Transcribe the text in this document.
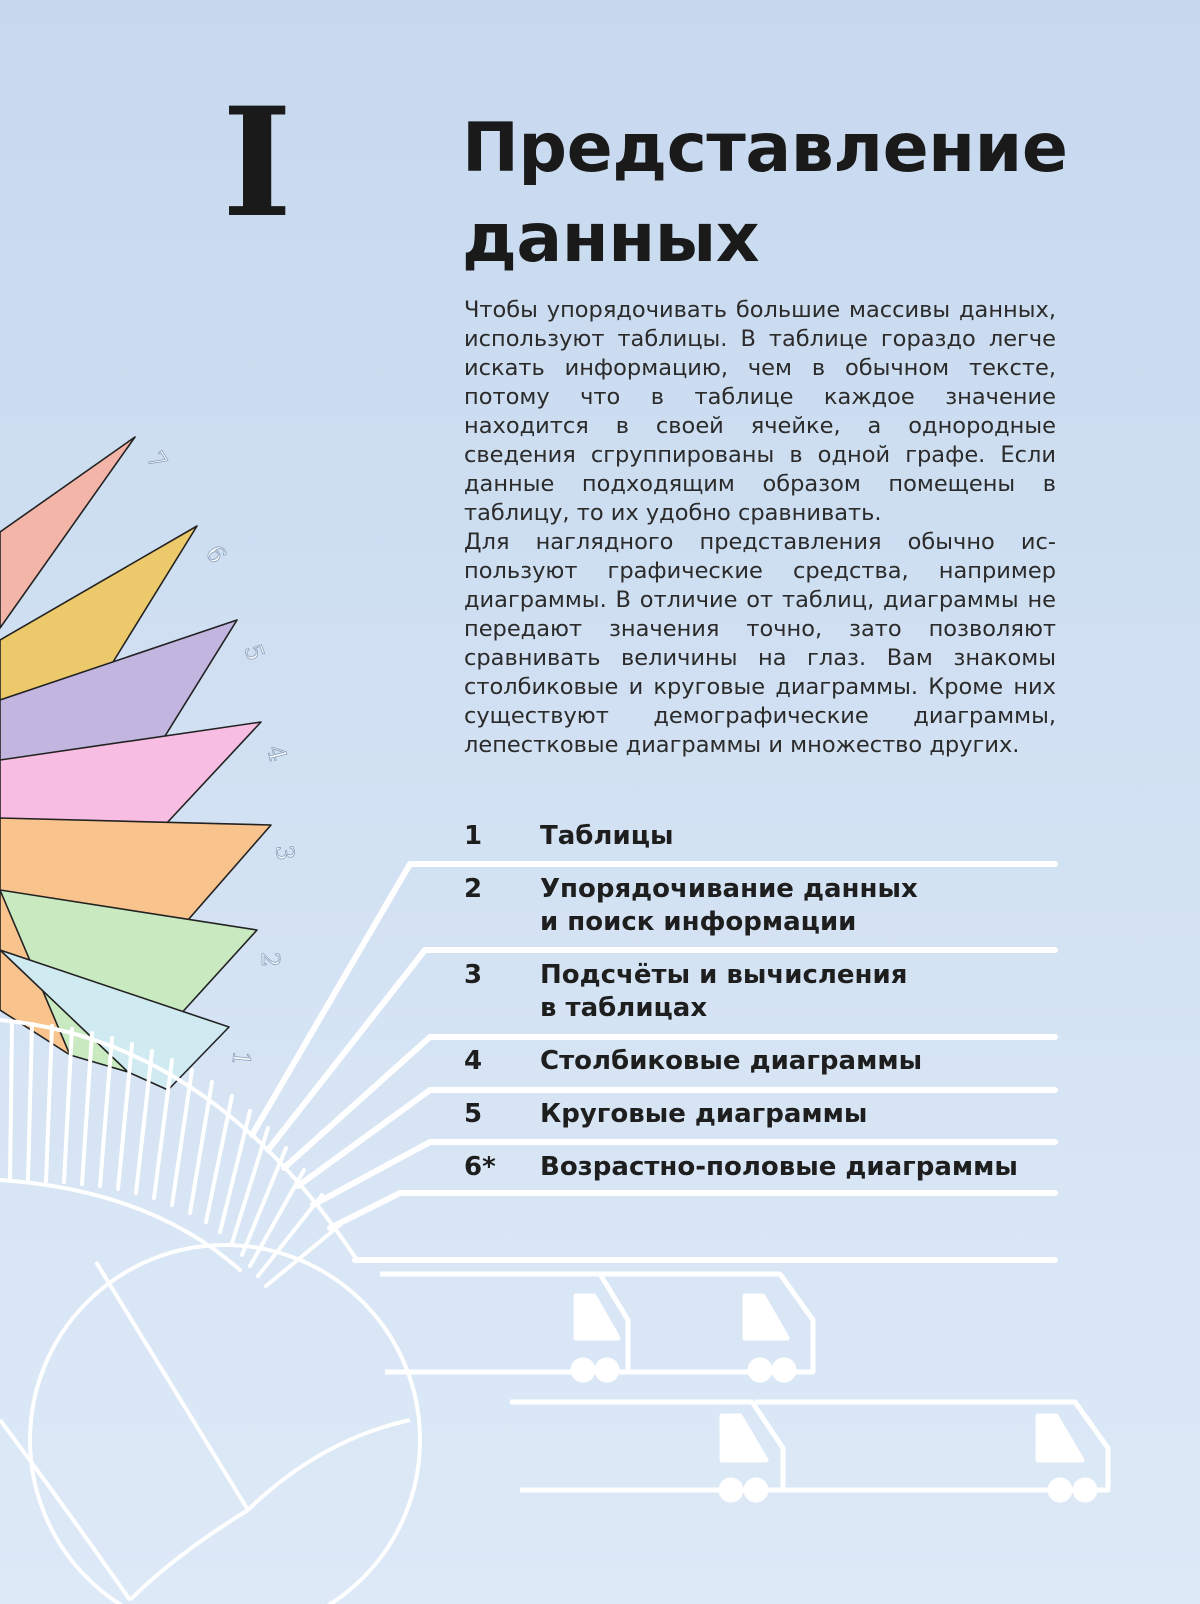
7
6
5
4
3
2
1
I Представление
данных

Чтобы упорядочивать большие массивы данных, используют таблицы. В таблице гораздо легче искать информацию, чем в обычном тексте, потому что в таблице каждое значение находится в своей ячейке, а однородные сведения сгруппированы в одной графе. Если данные подходящим образом помещены в таблицу, то их удобно сравнивать.

Для наглядного представления обычно используют графические средства, например диаграммы. В отличие от таблиц, диаграммы не передают значения точно, зато позволяют сравнивать величины на глаз. Вам знакомы столбиковые и круговые диаграммы. Кроме них существуют демографические диаграммы, лепестковые диаграммы и множество других.

1	Таблицы
2	Упорядочивание данных
и поиск информации
3	Подсчёты и вычисления
в таблицах
4	Столбиковые диаграммы
5	Круговые диаграммы
6*	Возрастно-половые диаграммы
